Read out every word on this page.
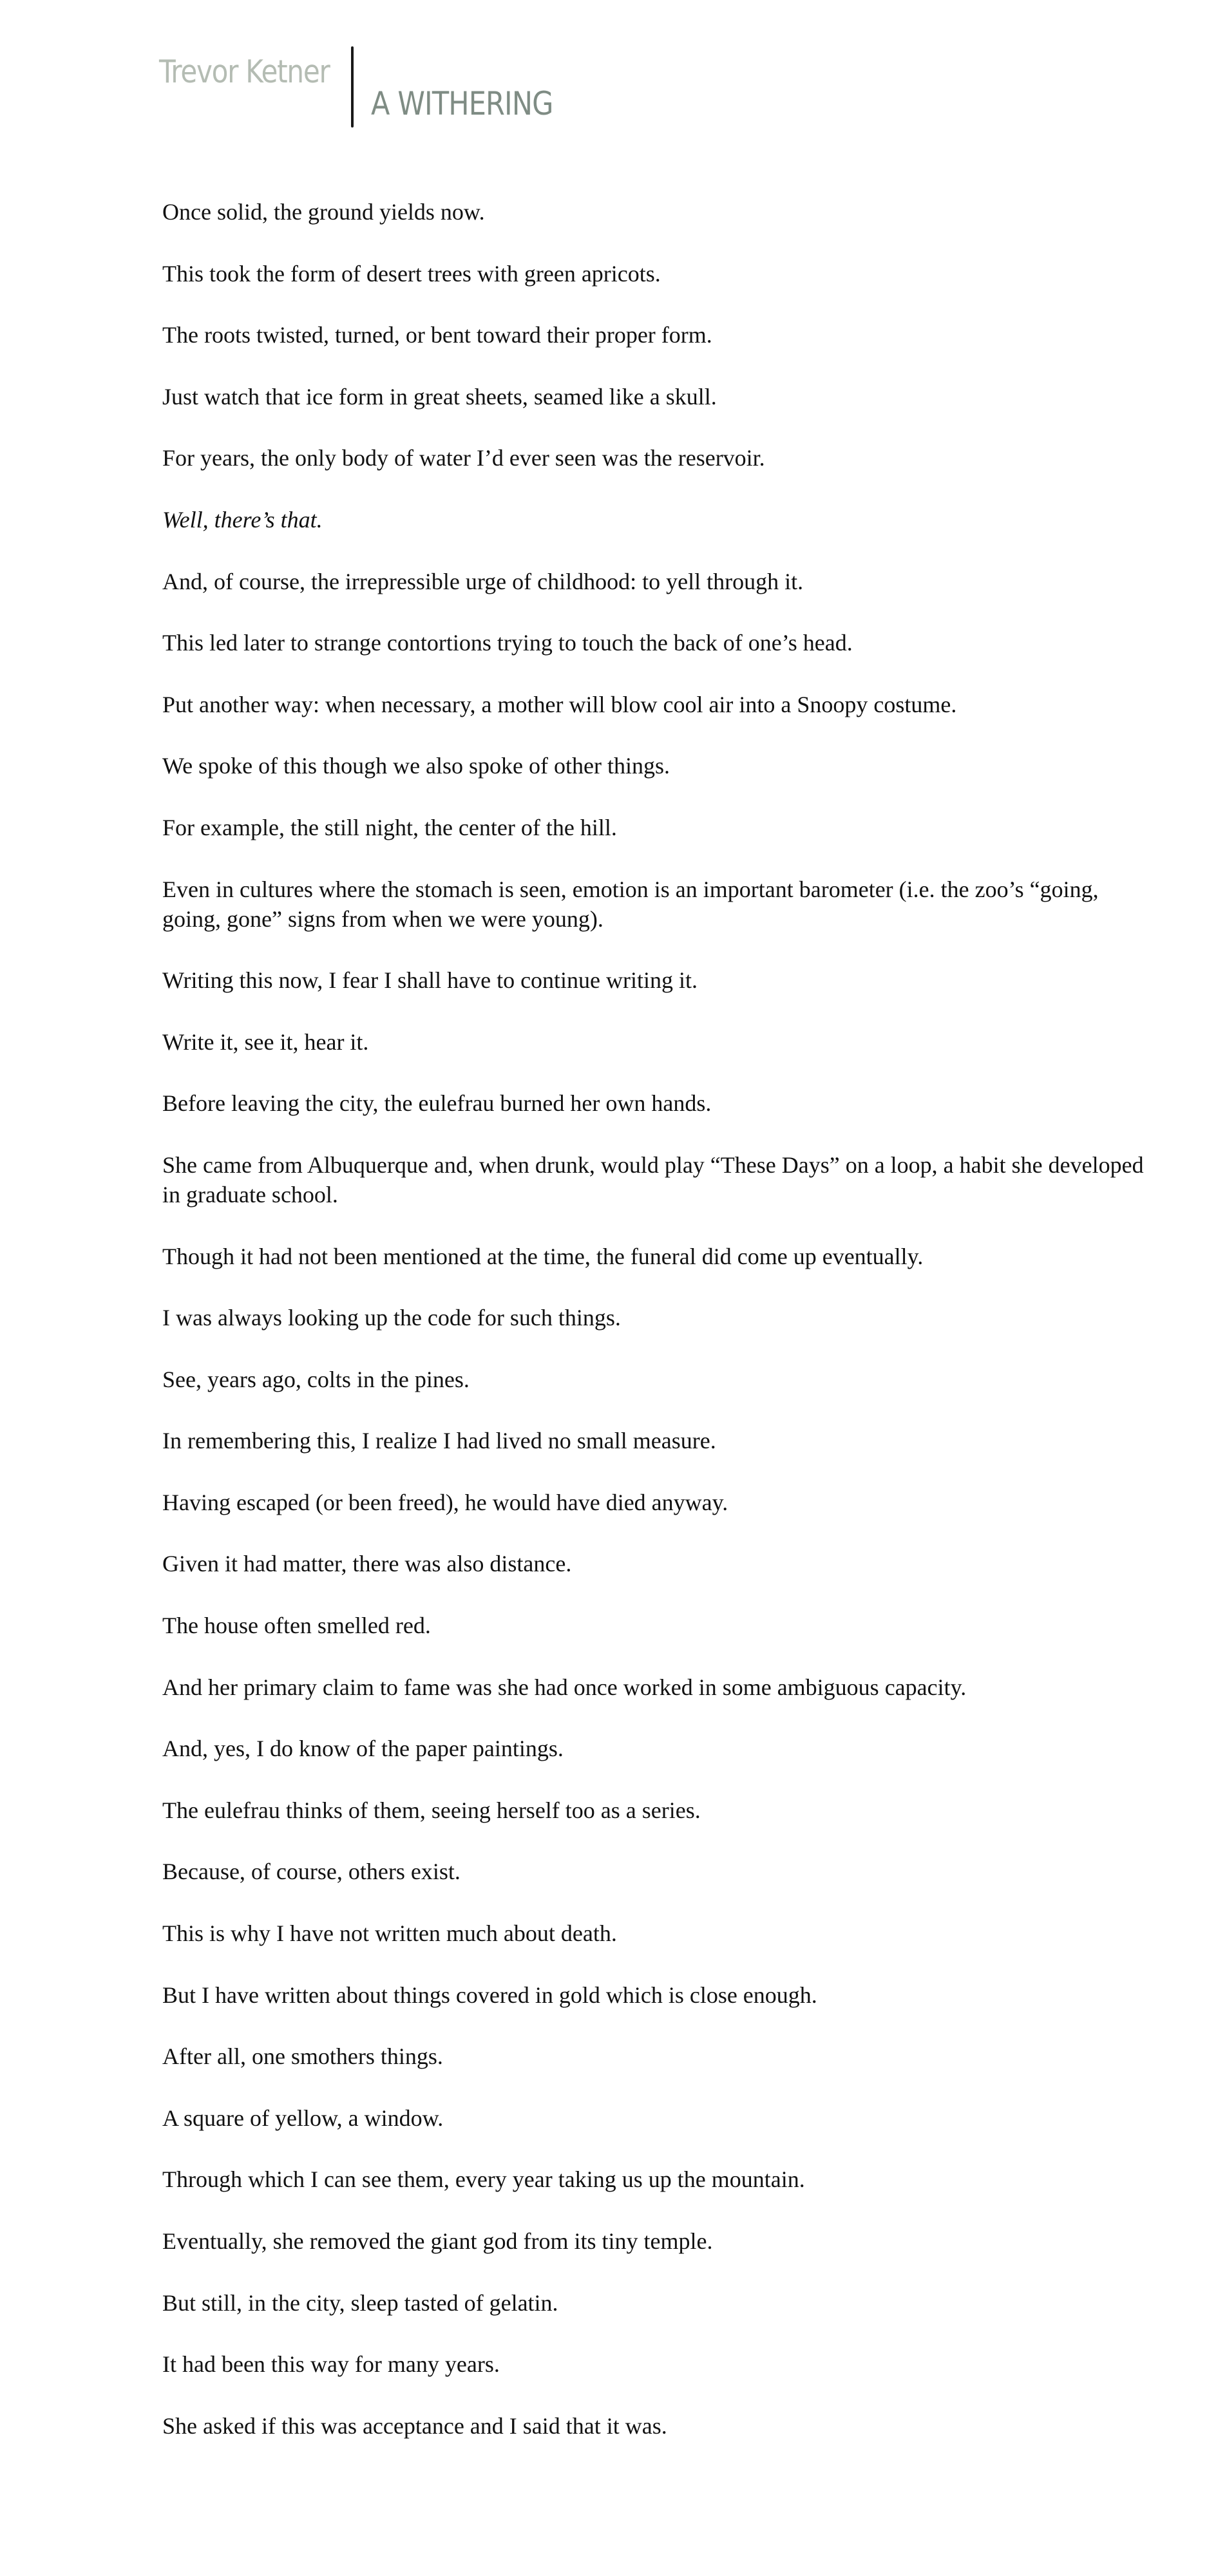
Trevor Ketner
A WITHERING

Once solid, the ground yields now.

This took the form of desert trees with green apricots.

The roots twisted, turned, or bent toward their proper form.

Just watch that ice form in great sheets, seamed like a skull.

For years, the only body of water I’d ever seen was the reservoir.

Well, there’s that.

And, of course, the irrepressible urge of childhood: to yell through it.

This led later to strange contortions trying to touch the back of one’s head.

Put another way: when necessary, a mother will blow cool air into a Snoopy costume.

We spoke of this though we also spoke of other things.

For example, the still night, the center of the hill.

Even in cultures where the stomach is seen, emotion is an important barometer (i.e. the zoo’s “going, going, gone” signs from when we were young).

Writing this now, I fear I shall have to continue writing it.

Write it, see it, hear it.

Before leaving the city, the eulefrau burned her own hands.

She came from Albuquerque and, when drunk, would play “These Days” on a loop, a habit she developed in graduate school.

Though it had not been mentioned at the time, the funeral did come up eventually.

I was always looking up the code for such things.

See, years ago, colts in the pines.

In remembering this, I realize I had lived no small measure.

Having escaped (or been freed), he would have died anyway.

Given it had matter, there was also distance.

The house often smelled red.

And her primary claim to fame was she had once worked in some ambiguous capacity.

And, yes, I do know of the paper paintings.

The eulefrau thinks of them, seeing herself too as a series.

Because, of course, others exist.

This is why I have not written much about death.

But I have written about things covered in gold which is close enough.

After all, one smothers things.

A square of yellow, a window.

Through which I can see them, every year taking us up the mountain.

Eventually, she removed the giant god from its tiny temple.

But still, in the city, sleep tasted of gelatin.

It had been this way for many years.

She asked if this was acceptance and I said that it was.
